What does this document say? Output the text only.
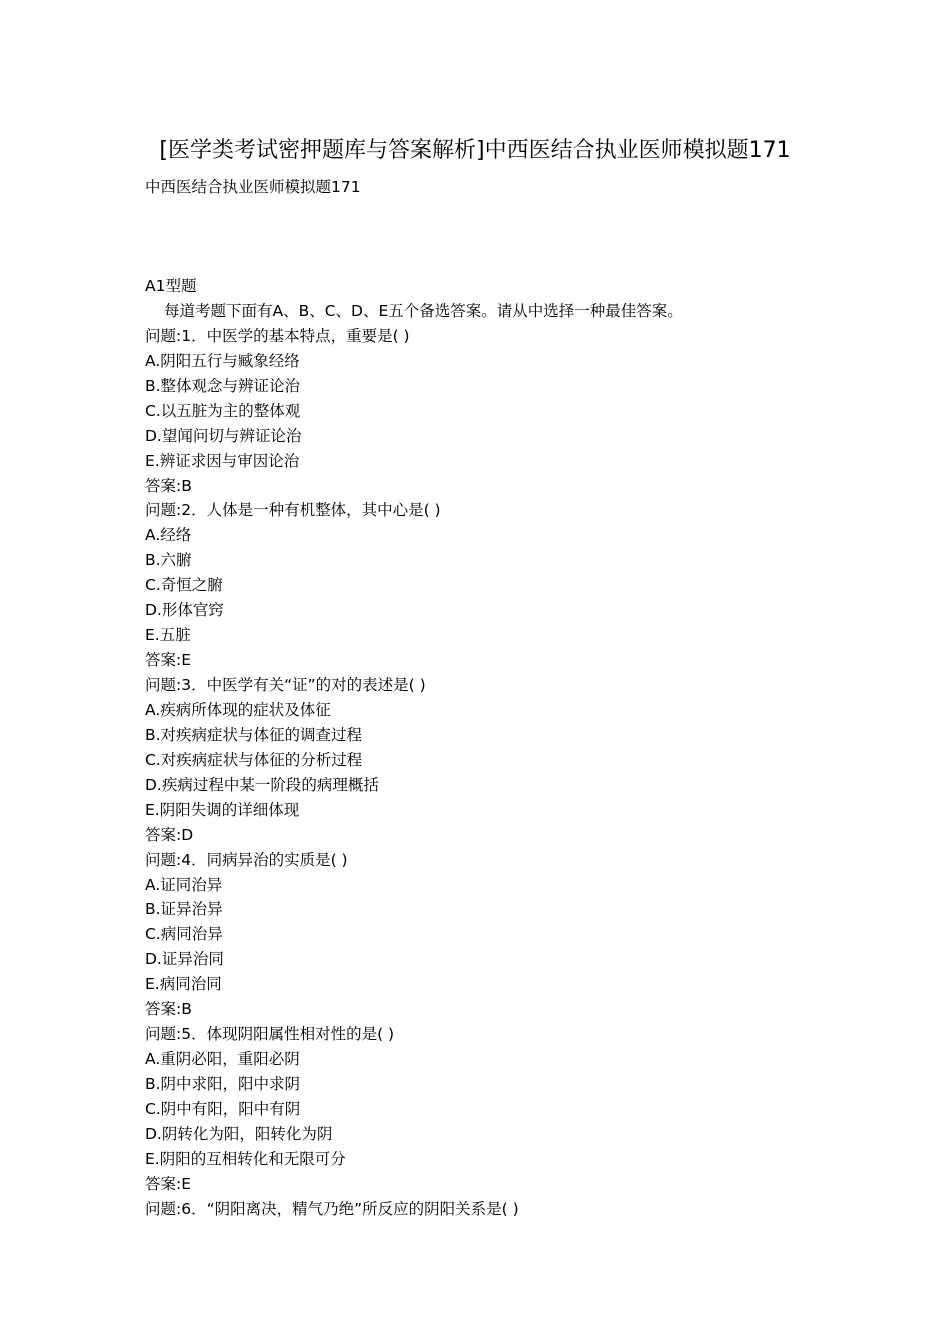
[医学类考试密押题库与答案解析]中西医结合执业医师模拟题171
中西医结合执业医师模拟题171
A1型题
每道考题下面有A、B、C、D、E五个备选答案。请从中选择一种最佳答案。
问题:1．中医学的基本特点，重要是( )
A.阴阳五行与臧象经络
B.整体观念与辨证论治
C.以五脏为主的整体观
D.望闻问切与辨证论治
E.辨证求因与审因论治
答案:B
问题:2．人体是一种有机整体，其中心是( )
A.经络
B.六腑
C.奇恒之腑
D.形体官窍
E.五脏
答案:E
问题:3．中医学有关“证”的对的表述是( )
A.疾病所体现的症状及体征
B.对疾病症状与体征的调查过程
C.对疾病症状与体征的分析过程
D.疾病过程中某一阶段的病理概括
E.阴阳失调的详细体现
答案:D
问题:4．同病异治的实质是( )
A.证同治异
B.证异治异
C.病同治异
D.证异治同
E.病同治同
答案:B
问题:5．体现阴阳属性相对性的是( )
A.重阴必阳，重阳必阴
B.阴中求阳，阳中求阴
C.阴中有阳，阳中有阴
D.阴转化为阳，阳转化为阴
E.阴阳的互相转化和无限可分
答案:E
问题:6．“阴阳离决，精气乃绝”所反应的阴阳关系是( )
